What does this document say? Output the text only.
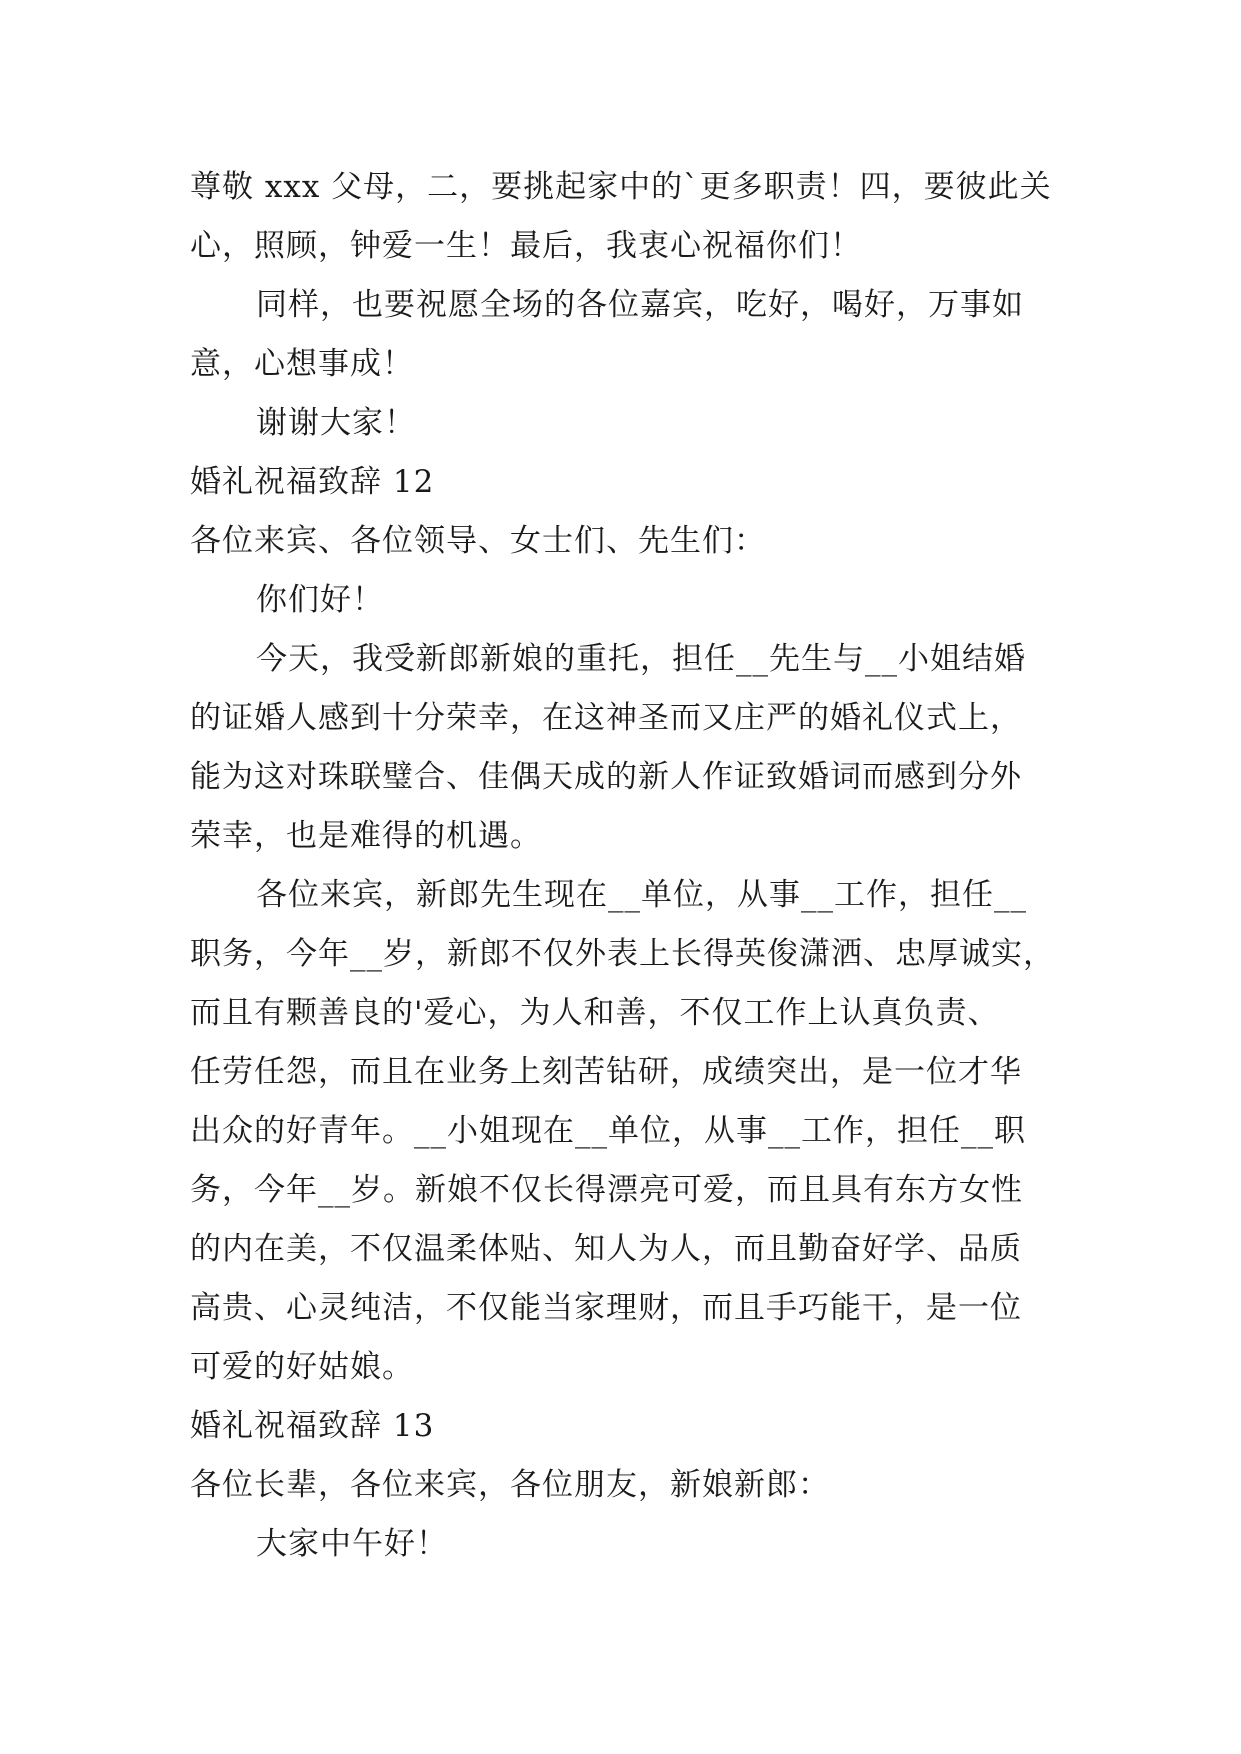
尊敬 xxx 父母，二，要挑起家中的`更多职责！四，要彼此关
心，照顾，钟爱一生！最后，我衷心祝福你们！
同样，也要祝愿全场的各位嘉宾，吃好，喝好，万事如
意，心想事成！
谢谢大家！
婚礼祝福致辞 12
各位来宾、各位领导、女士们、先生们：
你们好！
今天，我受新郎新娘的重托，担任__先生与__小姐结婚
的证婚人感到十分荣幸，在这神圣而又庄严的婚礼仪式上，
能为这对珠联璧合、佳偶天成的新人作证致婚词而感到分外
荣幸，也是难得的机遇。
各位来宾，新郎先生现在__单位，从事__工作，担任__
职务，今年__岁，新郎不仅外表上长得英俊潇洒、忠厚诚实，
而且有颗善良的'爱心，为人和善，不仅工作上认真负责、
任劳任怨，而且在业务上刻苦钻研，成绩突出，是一位才华
出众的好青年。__小姐现在__单位，从事__工作，担任__职
务，今年__岁。新娘不仅长得漂亮可爱，而且具有东方女性
的内在美，不仅温柔体贴、知人为人，而且勤奋好学、品质
高贵、心灵纯洁，不仅能当家理财，而且手巧能干，是一位
可爱的好姑娘。
婚礼祝福致辞 13
各位长辈，各位来宾，各位朋友，新娘新郎：
大家中午好！
